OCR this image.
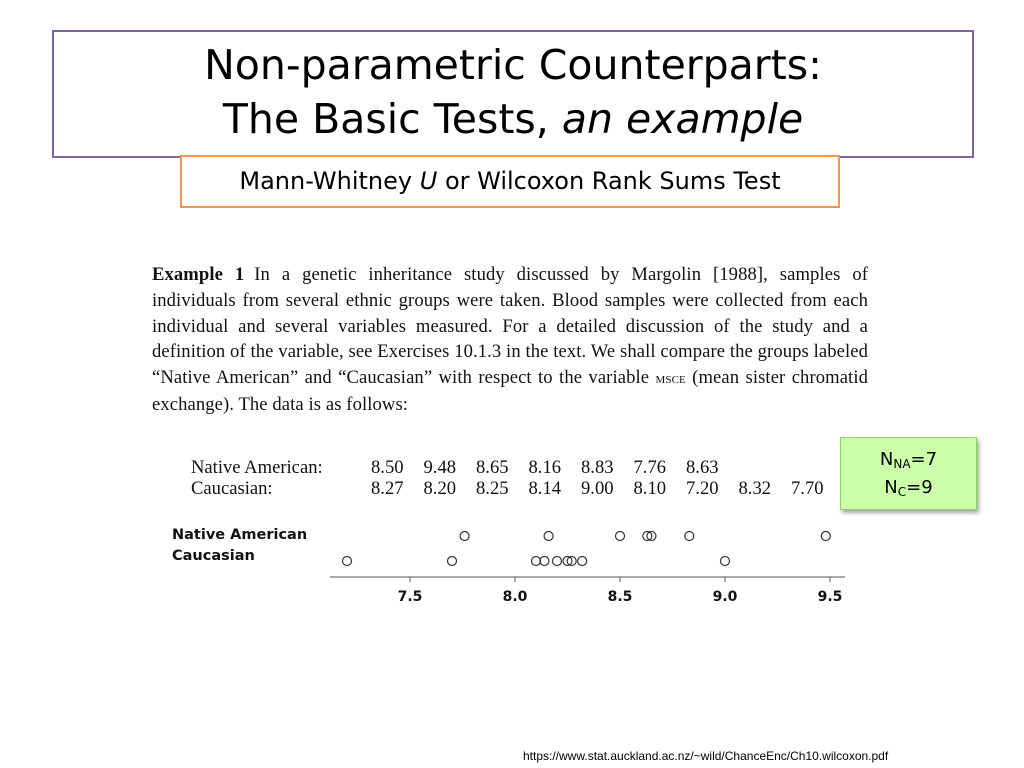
Non-parametric Counterparts:
The Basic Tests, an example
Mann-Whitney U or Wilcoxon Rank Sums Test
Example 1 In a genetic inheritance study discussed by Margolin [1988], samples of individuals from several ethnic groups were taken. Blood samples were collected from each individual and several variables measured. For a detailed discussion of the study and a definition of the variable, see Exercises 10.1.3 in the text. We shall compare the groups labeled “Native American” and “Caucasian” with respect to the variable msce (mean sister chromatid exchange). The data is as follows:
Native American:	8.50	9.48	8.65	8.16	8.83	7.76	8.63		
Caucasian:	8.27	8.20	8.25	8.14	9.00	8.10	7.20	8.32	7.70
$N_{NA}=7$
$N_C=9$
Native American
Caucasian
7.5	8.0	8.5	9.0	9.5
https://www.stat.auckland.ac.nz/~wild/ChanceEnc/Ch10.wilcoxon.pdf
